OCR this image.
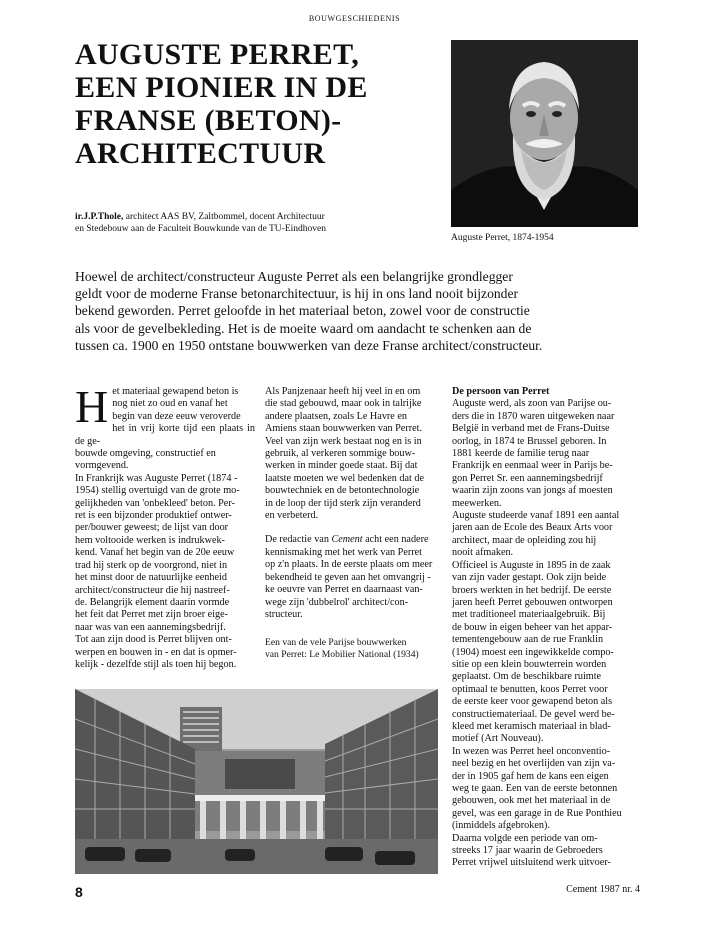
BOUWGESCHIEDENIS
AUGUSTE PERRET,
EEN PIONIER IN DE
FRANSE (BETON)-
ARCHITECTUUR
Auguste Perret, 1874-1954
ir.J.P.Thole, architect AAS BV, Zaltbommel, docent Architectuur
en Stedebouw aan de Faculteit Bouwkunde van de TU-Eindhoven

Hoewel de architect/constructeur Auguste Perret als een belangrijke grondlegger

geldt voor de moderne Franse betonarchitectuur, is hij in ons land nooit bijzonder

bekend geworden. Perret geloofde in het materiaal beton, zowel voor de constructie

als voor de gevelbekleding. Het is de moeite waard om aandacht te schenken aan de

tussen ca. 1900 en 1950 ontstane bouwwerken van deze Franse architect/constructeur.

H et materiaal gewapend beton is
nog niet zo oud en vanaf het
begin van deze eeuw veroverde
het in vrij korte tijd een plaats in de ge-
bouwde omgeving, constructief en
vormgevend.
In Frankrijk was Auguste Perret (1874 -
1954) stellig overtuigd van de grote mo-
gelijkheden van 'onbekleed' beton. Per-
ret is een bijzonder produktief ontwer-
per/bouwer geweest; de lijst van door
hem voltooide werken is indrukwek-
kend. Vanaf het begin van de 20e eeuw
trad hij sterk op de voorgrond, niet in
het minst door de natuurlijke eenheid
architect/constructeur die hij nastreef-
de. Belangrijk element daarin vormde
het feit dat Perret met zijn broer eige-
naar was van een aannemingsbedrijf.
Tot aan zijn dood is Perret blijven ont-
werpen en bouwen in - en dat is opmer-
kelijk - dezelfde stijl als toen hij begon.
Als Panjzenaar heeft hij veel in en om
die stad gebouwd, maar ook in talrijke
andere plaatsen, zoals Le Havre en
Amiens staan bouwwerken van Perret.
Veel van zijn werk bestaat nog en is in
gebruik, al verkeren sommige bouw-
werken in minder goede staat. Bij dat
laatste moeten we wel bedenken dat de
bouwtechniek en de betontechnologie
in de loop der tijd sterk zijn veranderd
en verbeterd.

De redactie van Cement acht een nadere

kennismaking met het werk van Perret
op z'n plaats. In de eerste plaats om meer
bekendheid te geven aan het omvangrij -
ke oeuvre van Perret en daarnaast van-
wege zijn 'dubbelrol' architect/con-
structeur.
Een van de vele Parijse bouwwerken
van Perret: Le Mobilier National (1934)
De persoon van Perret
Auguste werd, als zoon van Parijse ou-
ders die in 1870 waren uitgeweken naar
België in verband met de Frans-Duitse
oorlog, in 1874 te Brussel geboren. In
1881 keerde de familie terug naar
Frankrijk en eenmaal weer in Parijs be-
gon Perret Sr. een aannemingsbedrijf
waarin zijn zoons van jongs af moesten
meewerken.
Auguste studeerde vanaf 1891 een aantal
jaren aan de Ecole des Beaux Arts voor
architect, maar de opleiding zou hij
nooit afmaken.
Officieel is Auguste in 1895 in de zaak
van zijn vader gestapt. Ook zijn beide
broers werkten in het bedrijf. De eerste
jaren heeft Perret gebouwen ontworpen
met traditioneel materiaalgebruik. Bij
de bouw in eigen beheer van het appar-
tementengebouw aan de rue Franklin
(1904) moest een ingewikkelde compo-
sitie op een klein bouwterrein worden
geplaatst. Om de beschikbare ruimte
optimaal te benutten, koos Perret voor
de eerste keer voor gewapend beton als
constructiemateriaal. De gevel werd be-
kleed met keramisch materiaal in blad-
motief (Art Nouveau).
In wezen was Perret heel onconventio-
neel bezig en het overlijden van zijn va-
der in 1905 gaf hem de kans een eigen
weg te gaan. Een van de eerste betonnen
gebouwen, ook met het materiaal in de
gevel, was een garage in de Rue Ponthieu
(inmiddels afgebroken).
Daarna volgde een periode van om-
streeks 17 jaar waarin de Gebroeders
Perret vrijwel uitsluitend werk uitvoer-
8	Cement 1987 nr. 4
